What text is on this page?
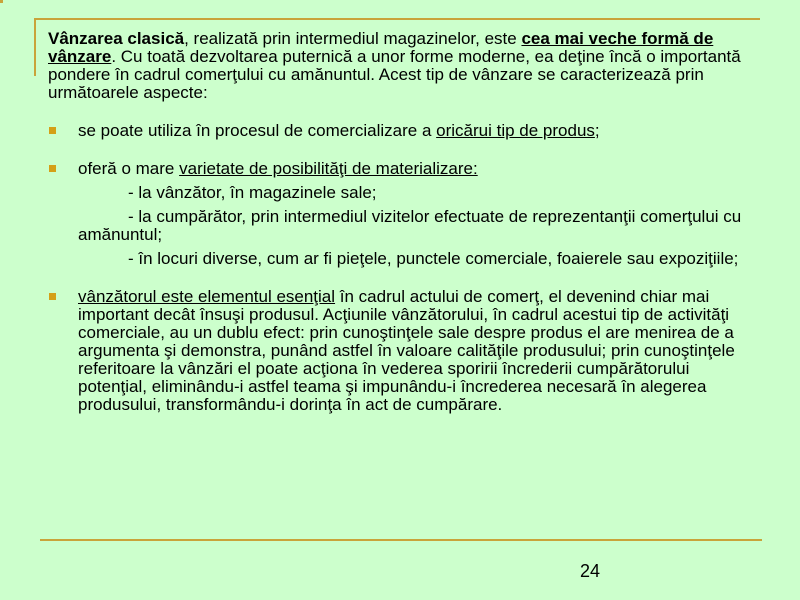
Vânzarea clasică, realizată prin intermediul magazinelor, este cea mai veche formă de vânzare. Cu toată dezvoltarea puternică a unor forme moderne, ea deţine încă o importantă pondere în cadrul comerţului cu amănuntul. Acest tip de vânzare se caracterizează prin următoarele aspecte:

se poate utiliza în procesul de comercializare a oricărui tip de produs;
oferă o mare varietate de posibilităţi de materializare:
- la vânzător, în magazinele sale;
- la cumpărător, prin intermediul vizitelor efectuate de reprezentanţii comerţului cu amănuntul;
- în locuri diverse, cum ar fi pieţele, punctele comerciale, foaierele sau expoziţiile;
vânzătorul este elementul esenţial în cadrul actului de comerţ, el devenind chiar mai important decât însuşi produsul. Acţiunile vânzătorului, în cadrul acestui tip de activităţi comerciale, au un dublu efect: prin cunoştinţele sale despre produs el are menirea de a argumenta şi demonstra, punând astfel în valoare calităţile produsului; prin cunoştinţele referitoare la vânzări el poate acţiona în vederea sporirii încrederii cumpărătorului potenţial, eliminându-i astfel teama şi impunându-i încrederea necesară în alegerea produsului, transformându-i dorinţa în act de cumpărare.
24
